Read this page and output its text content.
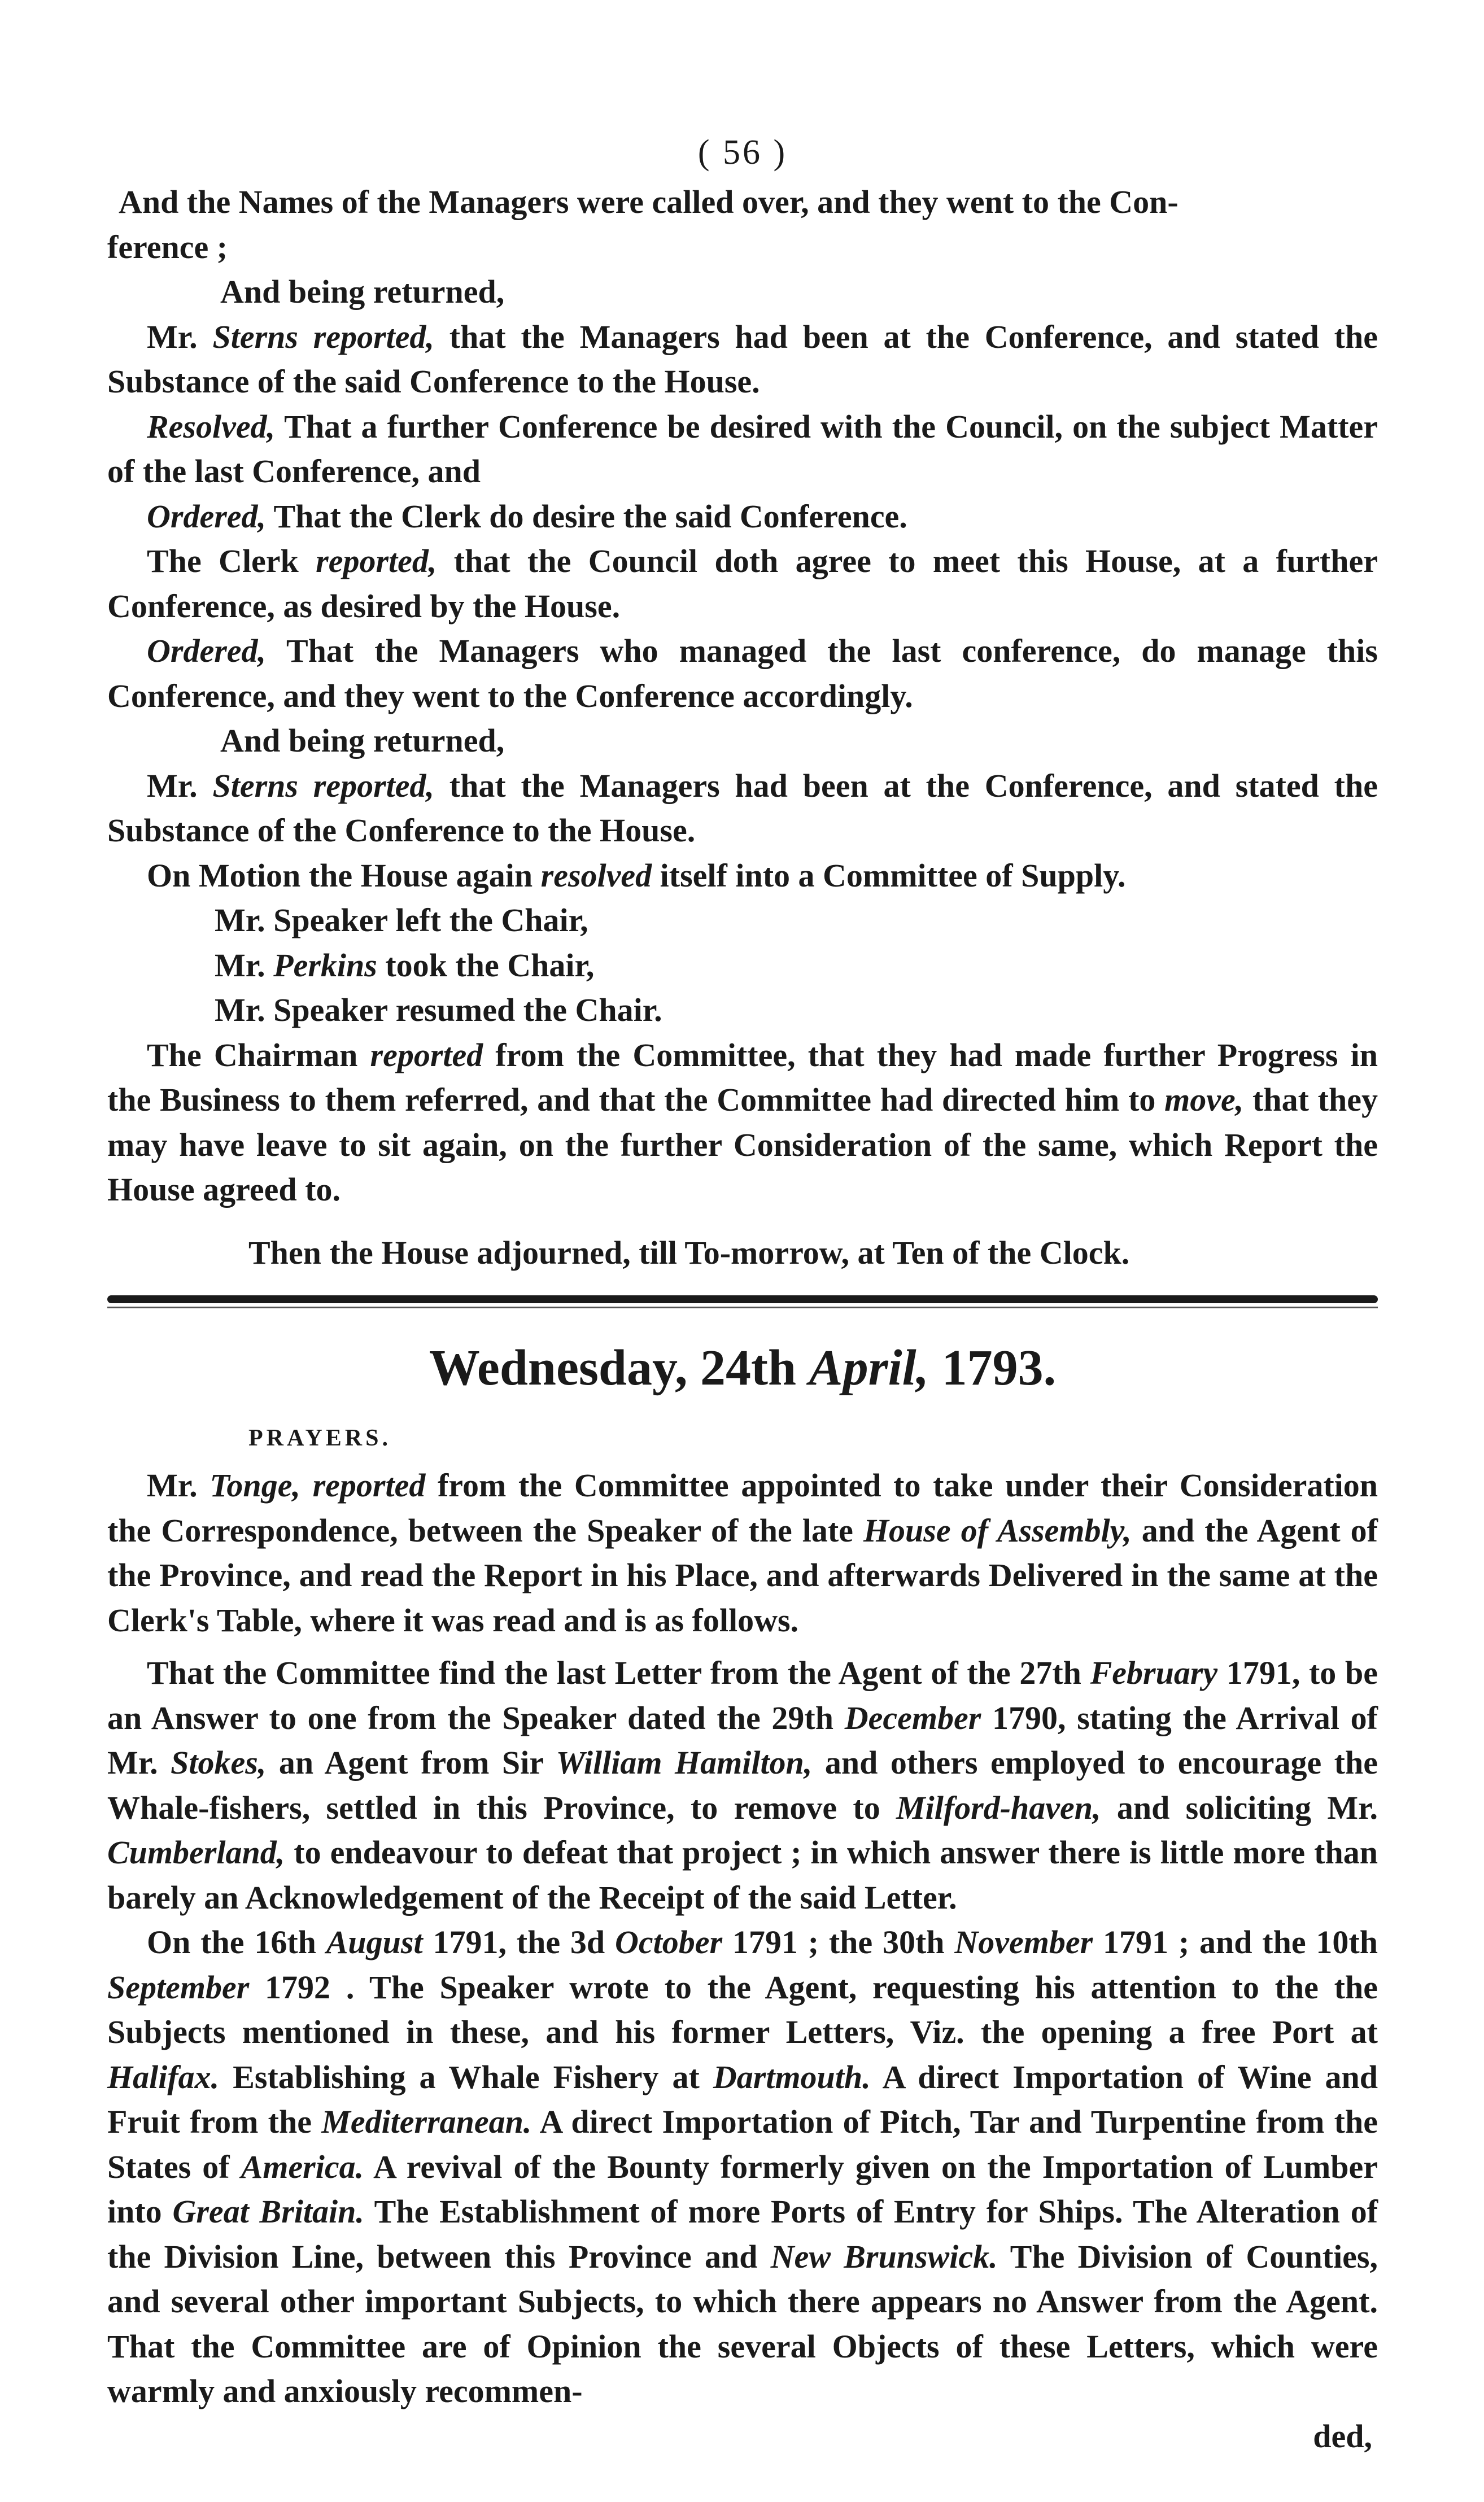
( 56 )

And the Names of the Managers were called over, and they went to the Con-
ference ;

And being returned,

Mr. Sterns reported, that the Managers had been at the Conference, and stated the Substance of the said Conference to the House.

Resolved, That a further Conference be desired with the Council, on the subject Matter of the last Conference, and

Ordered, That the Clerk do desire the said Conference.

The Clerk reported, that the Council doth agree to meet this House, at a further Conference, as desired by the House.

Ordered, That the Managers who managed the last conference, do manage this Conference, and they went to the Conference accordingly.

And being returned,

Mr. Sterns reported, that the Managers had been at the Conference, and stated the Substance of the Conference to the House.

On Motion the House again resolved itself into a Committee of Supply.

Mr. Speaker left the Chair,

Mr. Perkins took the Chair,

Mr. Speaker resumed the Chair.

The Chairman reported from the Committee, that they had made further Progress in the Business to them referred, and that the Committee had directed him to move, that they may have leave to sit again, on the further Consideration of the same, which Report the House agreed to.

Then the House adjourned, till To-morrow, at Ten of the Clock.

Wednesday, 24th April, 1793.
PRAYERS.

Mr. Tonge, reported from the Committee appointed to take under their Consideration the Correspondence, between the Speaker of the late House of Assembly, and the Agent of the Province, and read the Report in his Place, and afterwards Delivered in the same at the Clerk's Table, where it was read and is as follows.

That the Committee find the last Letter from the Agent of the 27th February 1791, to be an Answer to one from the Speaker dated the 29th December 1790, stating the Arrival of Mr. Stokes, an Agent from Sir William Hamilton, and others employed to encourage the Whale-fishers, settled in this Province, to remove to Milford-haven, and soliciting Mr. Cumberland, to endeavour to defeat that project ; in which answer there is little more than barely an Acknowledgement of the Receipt of the said Letter.

On the 16th August 1791, the 3d October 1791 ; the 30th November 1791 ; and the 10th September 1792 . The Speaker wrote to the Agent, requesting his attention to the the Subjects mentioned in these, and his former Letters, Viz. the opening a free Port at Halifax. Establishing a Whale Fishery at Dartmouth. A direct Importation of Wine and Fruit from the Mediterranean. A direct Importation of Pitch, Tar and Turpentine from the States of America. A revival of the Bounty formerly given on the Importation of Lumber into Great Britain. The Establishment of more Ports of Entry for Ships. The Alteration of the Division Line, between this Province and New Brunswick. The Division of Counties, and several other important Subjects, to which there appears no Answer from the Agent. That the Committee are of Opinion the several Objects of these Letters, which were warmly and anxiously recommen-

ded,
